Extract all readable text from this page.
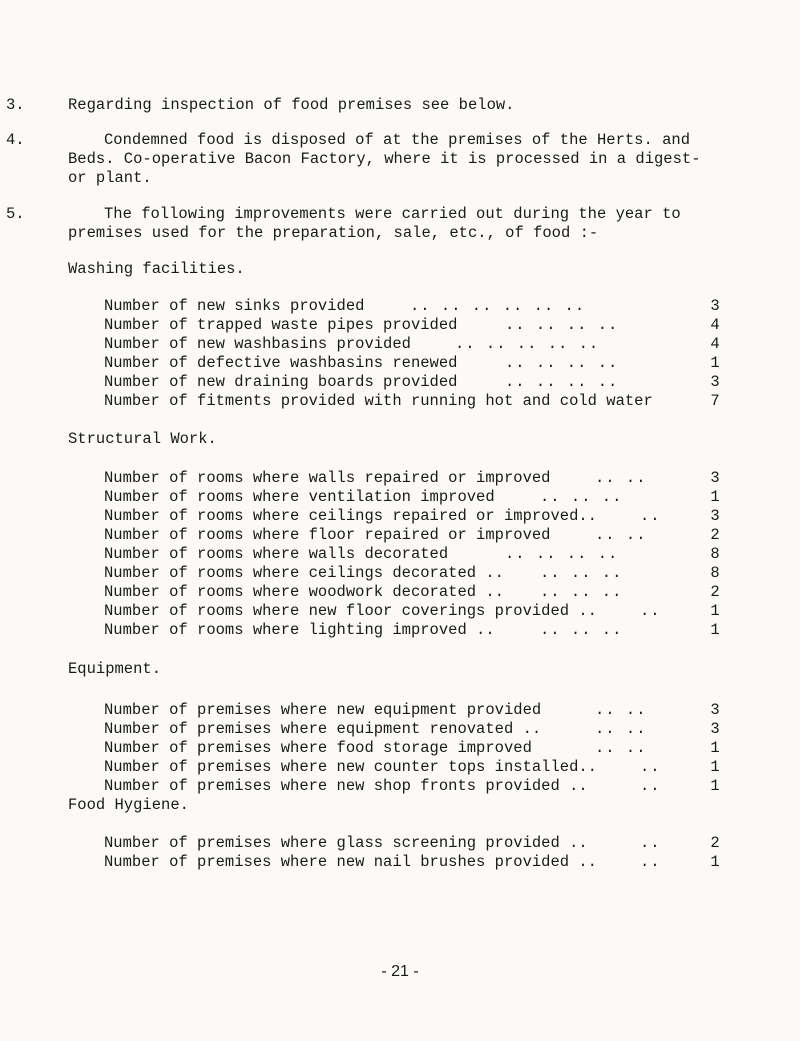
3.	Regarding inspection of food premises see below.
4.	Condemned food is disposed of at the premises of the Herts. and
Beds. Co-operative Bacon Factory, where it is processed in a digest-
or plant.
5.	The following improvements were carried out during the year to
premises used for the preparation, sale, etc., of food :-
Washing facilities.
Number of new sinks provided	.. .. .. .. .. ..	3
Number of trapped waste pipes provided	.. .. .. ..	4
Number of new washbasins provided	.. .. .. .. ..	4
Number of defective washbasins renewed	.. .. .. ..	1
Number of new draining boards provided	.. .. .. ..	3
Number of fitments provided with running hot and cold water	7
Structural Work.
Number of rooms where walls repaired or improved	.. ..	3
Number of rooms where ventilation improved	.. .. ..	1
Number of rooms where ceilings repaired or improved..	..	3
Number of rooms where floor repaired or improved	.. ..	2
Number of rooms where walls decorated	.. .. .. ..	8
Number of rooms where ceilings decorated .. .. .. ..	8
Number of rooms where woodwork decorated .. .. .. ..	2
Number of rooms where new floor coverings provided ..	..	1
Number of rooms where lighting improved ..	.. .. ..	1
Equipment.
Number of premises where new equipment provided	.. ..	3
Number of premises where equipment renovated ..	.. ..	3
Number of premises where food storage improved	.. ..	1
Number of premises where new counter tops installed..	..	1
Number of premises where new shop fronts provided ..	..	1
Food Hygiene.
Number of premises where glass screening provided ..	..	2
Number of premises where new nail brushes provided ..	..	1
- 21 -
